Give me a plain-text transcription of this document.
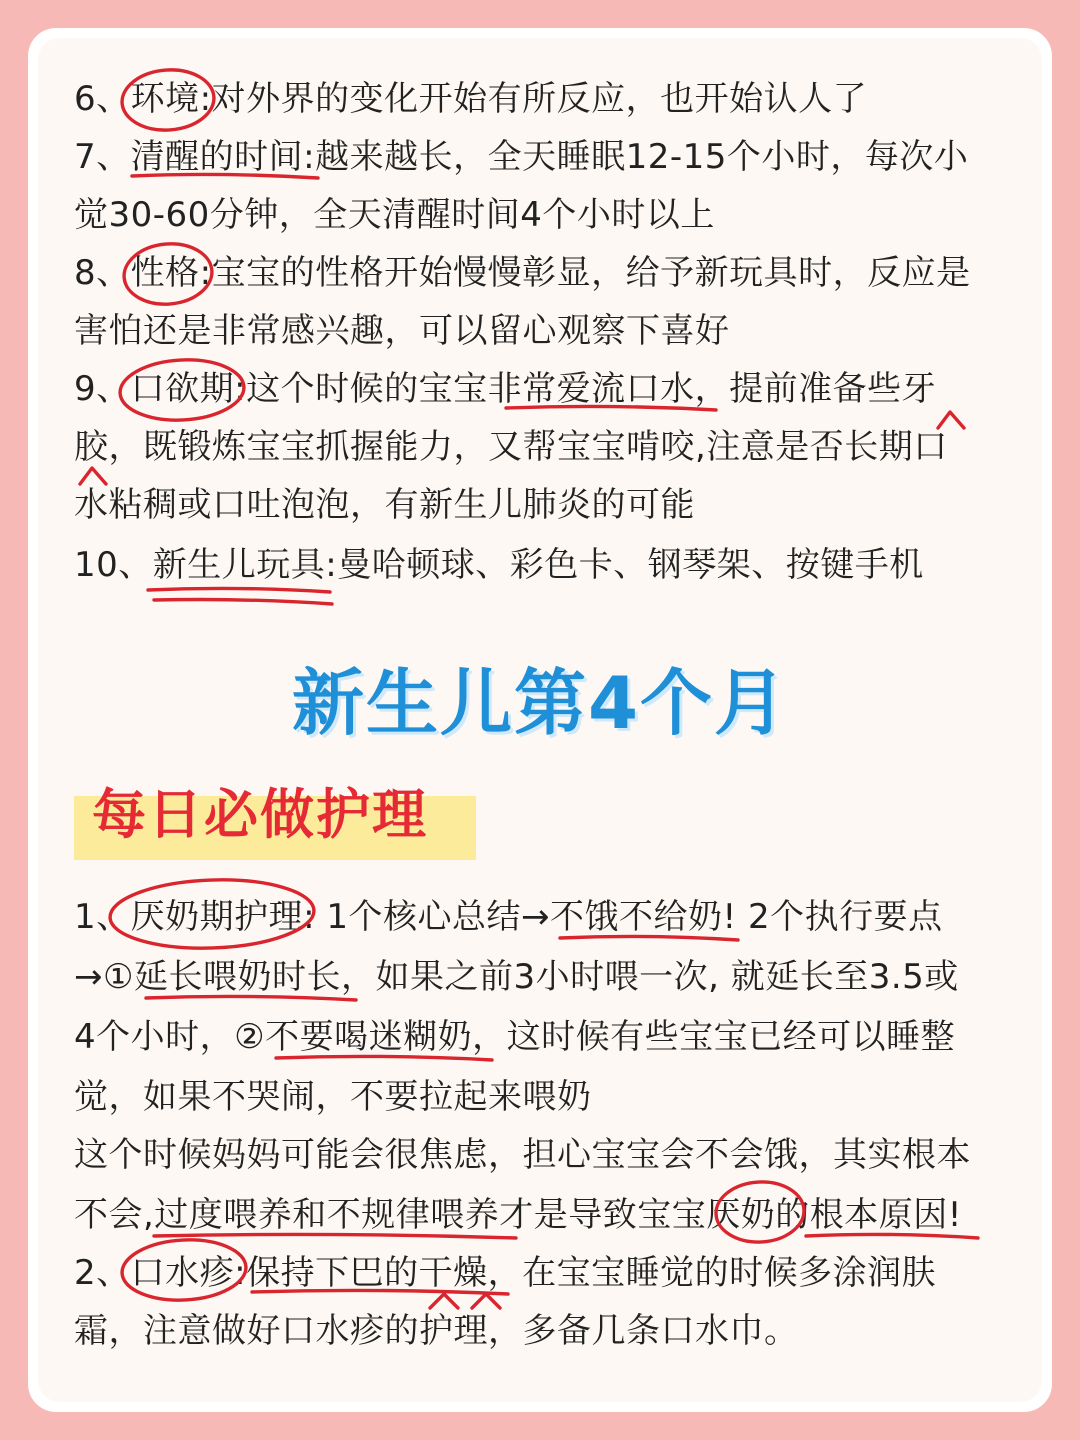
6、环境:对外界的变化开始有所反应，也开始认人了

7、清醒的时间:越来越长，全天睡眠12-15个小时，每次小

觉30-60分钟，全天清醒时间4个小时以上

8、性格:宝宝的性格开始慢慢彰显，给予新玩具时，反应是

害怕还是非常感兴趣，可以留心观察下喜好

9、口欲期:这个时候的宝宝非常爱流口水，提前准备些牙

胶，既锻炼宝宝抓握能力，又帮宝宝啃咬,注意是否长期口

水粘稠或口吐泡泡，有新生儿肺炎的可能

10、新生儿玩具:曼哈顿球、彩色卡、钢琴架、按键手机

新生儿第4个月

每日必做护理

1、厌奶期护理: 1个核心总结→不饿不给奶! 2个执行要点

→①延长喂奶时长，如果之前3小时喂一次, 就延长至3.5或

4个小时，②不要喝迷糊奶，这时候有些宝宝已经可以睡整

觉，如果不哭闹，不要拉起来喂奶

这个时候妈妈可能会很焦虑，担心宝宝会不会饿，其实根本

不会,过度喂养和不规律喂养才是导致宝宝厌奶的根本原因!

2、口水疹:保持下巴的干燥，在宝宝睡觉的时候多涂润肤

霜，注意做好口水疹的护理，多备几条口水巾。
